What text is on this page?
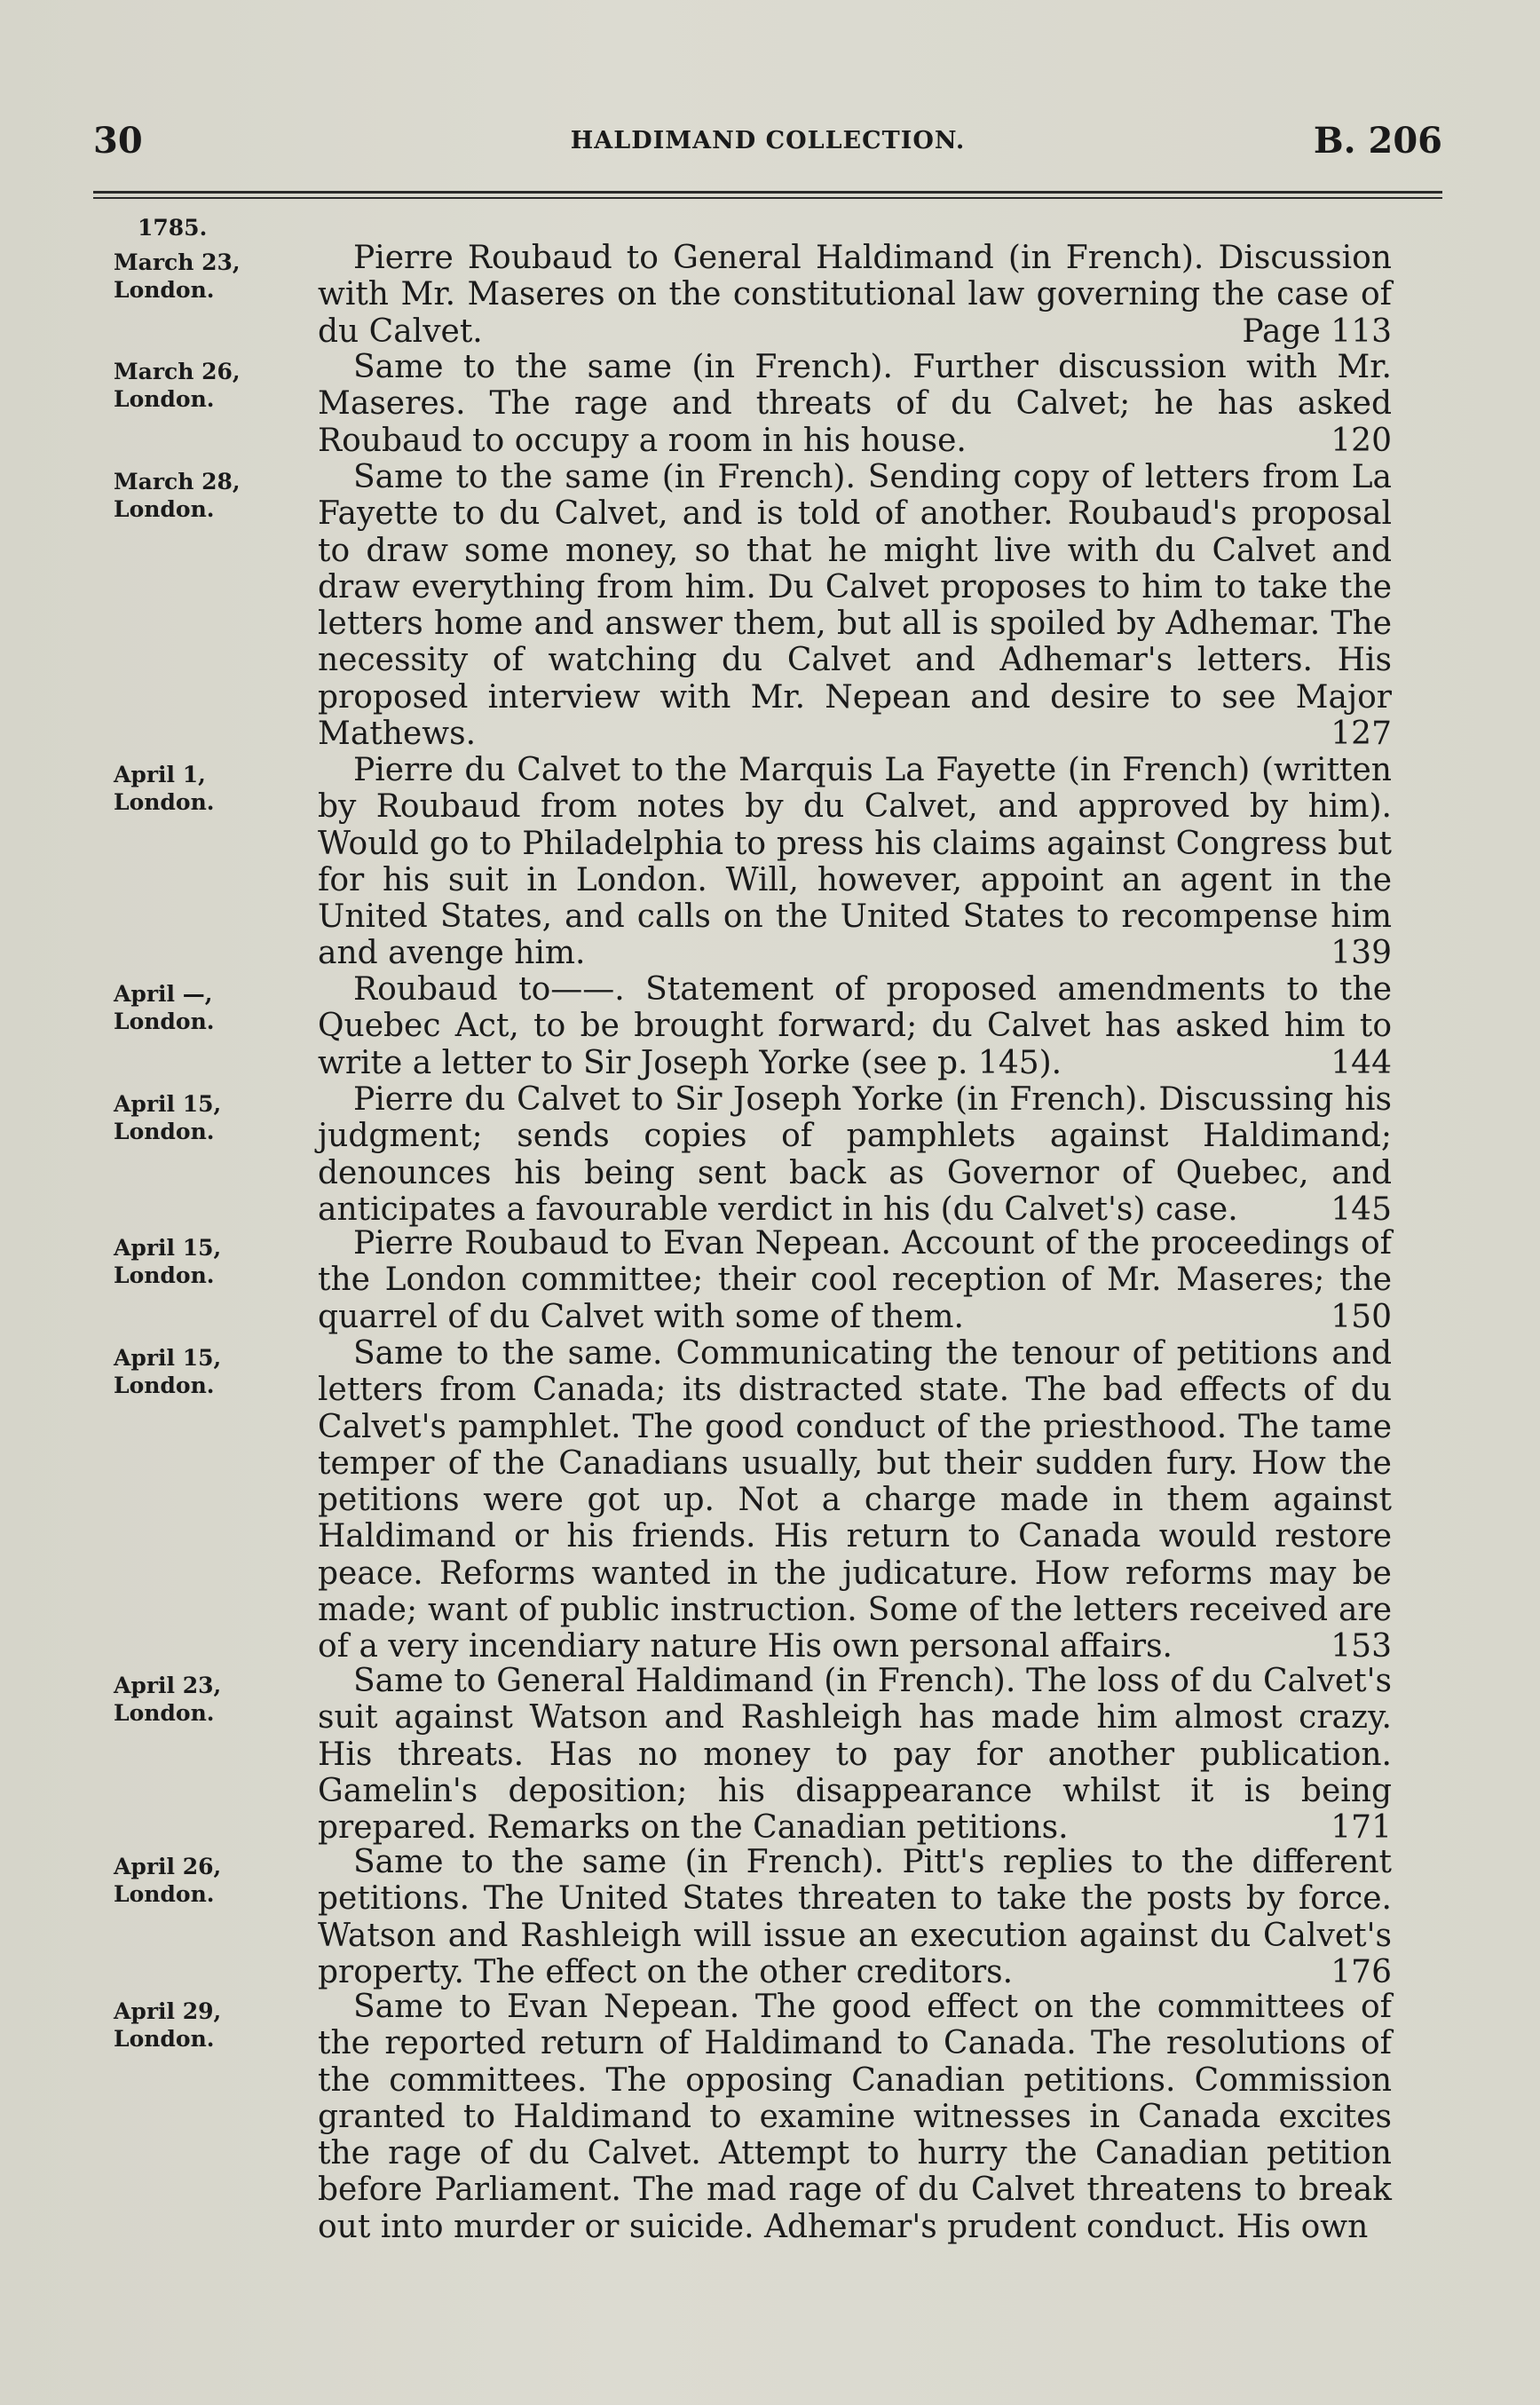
30	HALDIMAND COLLECTION.	B. 206
1785.
March 23,
London.
Pierre Roubaud to General Haldimand (in French). Discussion with Mr. Maseres on the constitutional law governing the case of du Calvet.	Page 113
March 26,
London.
Same to the same (in French). Further discussion with Mr. Maseres. The rage and threats of du Calvet; he has asked Roubaud to occupy a room in his house.	120
March 28,
London.
Same to the same (in French). Sending copy of letters from La Fayette to du Calvet, and is told of another. Roubaud's proposal to draw some money, so that he might live with du Calvet and draw everything from him. Du Calvet proposes to him to take the letters home and answer them, but all is spoiled by Adhemar. The necessity of watching du Calvet and Adhemar's letters. His proposed interview with Mr. Nepean and desire to see Major Mathews.	127
April 1,
London.
Pierre du Calvet to the Marquis La Fayette (in French) (written by Roubaud from notes by du Calvet, and approved by him). Would go to Philadelphia to press his claims against Congress but for his suit in London. Will, however, appoint an agent in the United States, and calls on the United States to recompense him and avenge him.	139
April —,
London.
Roubaud to——. Statement of proposed amendments to the Quebec Act, to be brought forward; du Calvet has asked him to write a letter to Sir Joseph Yorke (see p. 145).	144
April 15,
London.
Pierre du Calvet to Sir Joseph Yorke (in French). Discussing his judgment; sends copies of pamphlets against Haldimand; denounces his being sent back as Governor of Quebec, and anticipates a favourable verdict in his (du Calvet's) case.	145
April 15,
London.
Pierre Roubaud to Evan Nepean. Account of the proceedings of the London committee; their cool reception of Mr. Maseres; the quarrel of du Calvet with some of them.	150
April 15,
London.
Same to the same. Communicating the tenour of petitions and letters from Canada; its distracted state. The bad effects of du Calvet's pamphlet. The good conduct of the priesthood. The tame temper of the Canadians usually, but their sudden fury. How the petitions were got up. Not a charge made in them against Haldimand or his friends. His return to Canada would restore peace. Reforms wanted in the judicature. How reforms may be made; want of public instruction. Some of the letters received are of a very incendiary nature His own personal affairs.	153
April 23,
London.
Same to General Haldimand (in French). The loss of du Calvet's suit against Watson and Rashleigh has made him almost crazy. His threats. Has no money to pay for another publication. Gamelin's deposition; his disappearance whilst it is being prepared. Remarks on the Canadian petitions.	171
April 26,
London.
Same to the same (in French). Pitt's replies to the different petitions. The United States threaten to take the posts by force. Watson and Rashleigh will issue an execution against du Calvet's property. The effect on the other creditors.	176
April 29,
London.
Same to Evan Nepean. The good effect on the committees of the reported return of Haldimand to Canada. The resolutions of the committees. The opposing Canadian petitions. Commission granted to Haldimand to examine witnesses in Canada excites the rage of du Calvet. Attempt to hurry the Canadian petition before Parliament. The mad rage of du Calvet threatens to break out into murder or suicide. Adhemar's prudent conduct. His own
